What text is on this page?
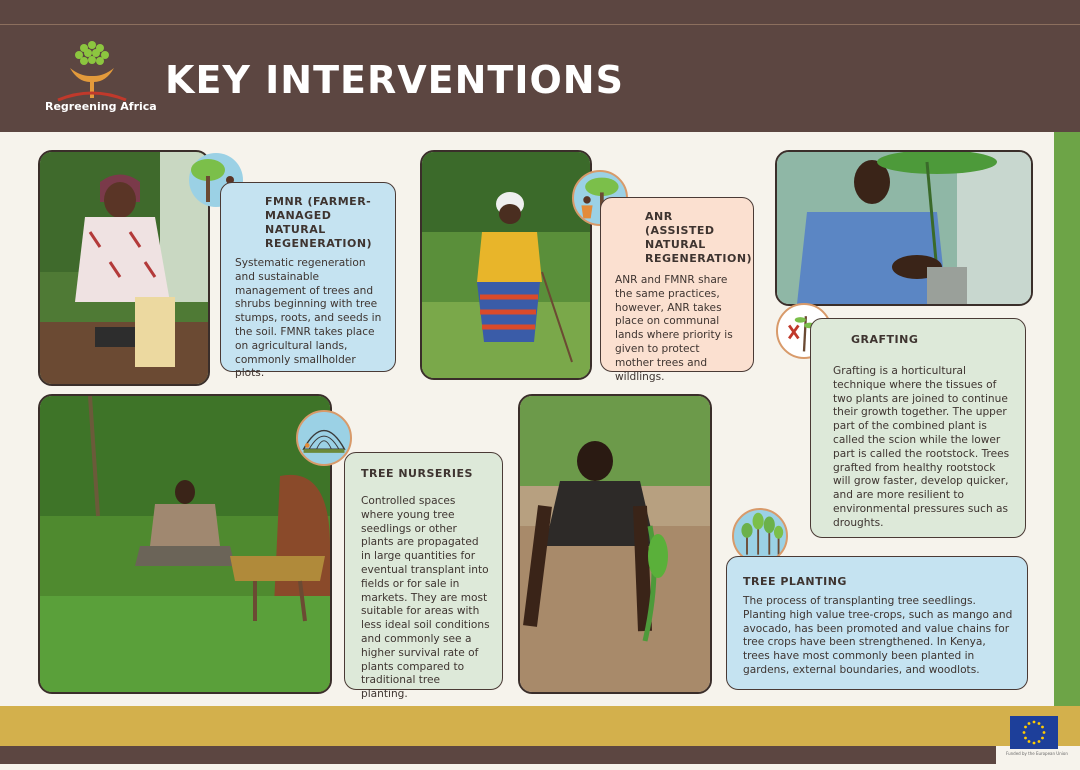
Regreening Africa
KEY INTERVENTIONS
FMNR (FARMER-MANAGED NATURAL REGENERATION)

Systematic regeneration and sustainable management of trees and shrubs beginning with tree stumps, roots, and seeds in the soil. FMNR takes place on agricultural lands, commonly smallholder plots.

ANR (ASSISTED NATURAL REGENERATION)

ANR and FMNR share the same practices, however, ANR takes place on communal lands where priority is given to protect mother trees and wildlings.

GRAFTING

Grafting is a horticultural technique where the tissues of two plants are joined to continue their growth together. The upper part of the combined plant is called the scion while the lower part is called the rootstock. Trees grafted from healthy rootstock will grow faster, develop quicker, and are more resilient to environmental pressures such as droughts.

TREE NURSERIES

Controlled spaces where young tree seedlings or other plants are propagated in large quantities for eventual transplant into fields or for sale in markets. They are most suitable for areas with less ideal soil conditions and commonly see a higher survival rate of plants compared to traditional tree planting.

TREE PLANTING

The process of transplanting tree seedlings. Planting high value tree-crops, such as mango and avocado, has been promoted and value chains for tree crops have been strengthened. In Kenya, trees have most commonly been planted in gardens, external boundaries, and woodlots.

Funded by the European Union
